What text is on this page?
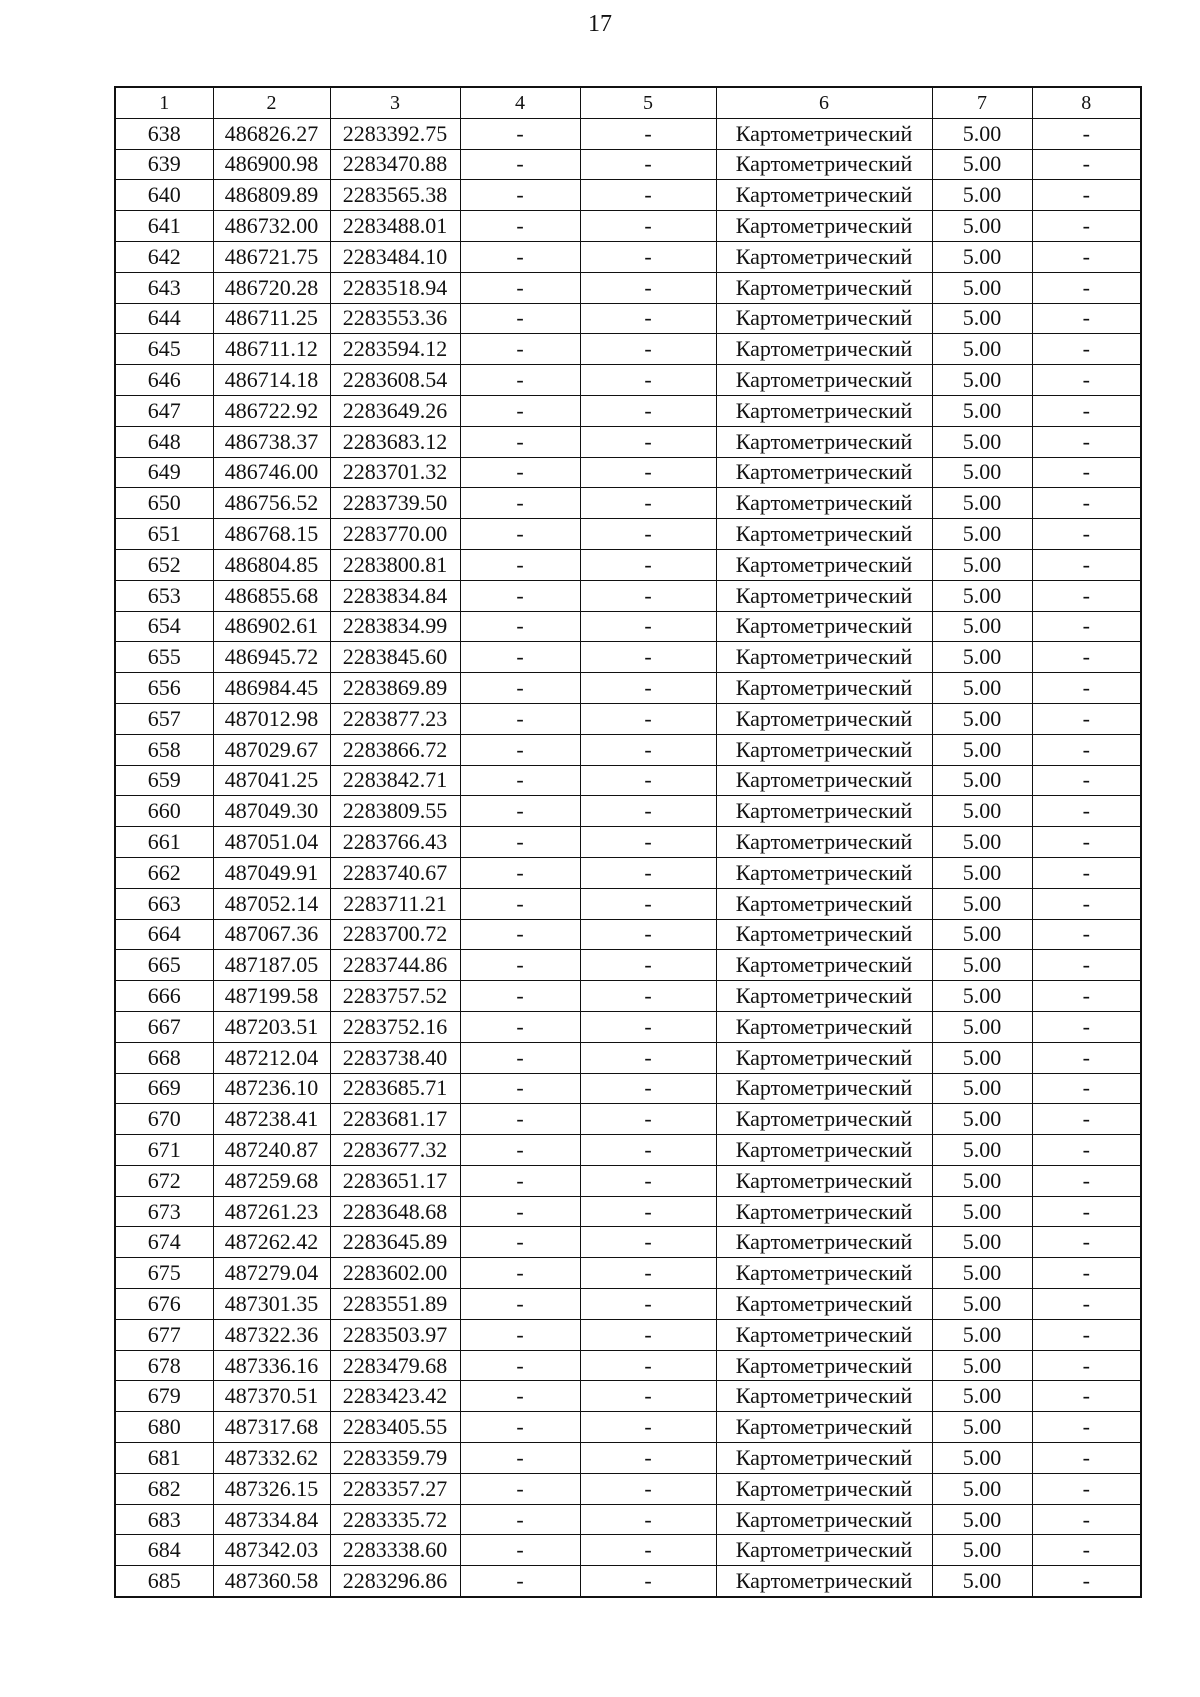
17
1	2	3	4	5	6	7	8
638	486826.27	2283392.75	-	-	Картометрический	5.00	-
639	486900.98	2283470.88	-	-	Картометрический	5.00	-
640	486809.89	2283565.38	-	-	Картометрический	5.00	-
641	486732.00	2283488.01	-	-	Картометрический	5.00	-
642	486721.75	2283484.10	-	-	Картометрический	5.00	-
643	486720.28	2283518.94	-	-	Картометрический	5.00	-
644	486711.25	2283553.36	-	-	Картометрический	5.00	-
645	486711.12	2283594.12	-	-	Картометрический	5.00	-
646	486714.18	2283608.54	-	-	Картометрический	5.00	-
647	486722.92	2283649.26	-	-	Картометрический	5.00	-
648	486738.37	2283683.12	-	-	Картометрический	5.00	-
649	486746.00	2283701.32	-	-	Картометрический	5.00	-
650	486756.52	2283739.50	-	-	Картометрический	5.00	-
651	486768.15	2283770.00	-	-	Картометрический	5.00	-
652	486804.85	2283800.81	-	-	Картометрический	5.00	-
653	486855.68	2283834.84	-	-	Картометрический	5.00	-
654	486902.61	2283834.99	-	-	Картометрический	5.00	-
655	486945.72	2283845.60	-	-	Картометрический	5.00	-
656	486984.45	2283869.89	-	-	Картометрический	5.00	-
657	487012.98	2283877.23	-	-	Картометрический	5.00	-
658	487029.67	2283866.72	-	-	Картометрический	5.00	-
659	487041.25	2283842.71	-	-	Картометрический	5.00	-
660	487049.30	2283809.55	-	-	Картометрический	5.00	-
661	487051.04	2283766.43	-	-	Картометрический	5.00	-
662	487049.91	2283740.67	-	-	Картометрический	5.00	-
663	487052.14	2283711.21	-	-	Картометрический	5.00	-
664	487067.36	2283700.72	-	-	Картометрический	5.00	-
665	487187.05	2283744.86	-	-	Картометрический	5.00	-
666	487199.58	2283757.52	-	-	Картометрический	5.00	-
667	487203.51	2283752.16	-	-	Картометрический	5.00	-
668	487212.04	2283738.40	-	-	Картометрический	5.00	-
669	487236.10	2283685.71	-	-	Картометрический	5.00	-
670	487238.41	2283681.17	-	-	Картометрический	5.00	-
671	487240.87	2283677.32	-	-	Картометрический	5.00	-
672	487259.68	2283651.17	-	-	Картометрический	5.00	-
673	487261.23	2283648.68	-	-	Картометрический	5.00	-
674	487262.42	2283645.89	-	-	Картометрический	5.00	-
675	487279.04	2283602.00	-	-	Картометрический	5.00	-
676	487301.35	2283551.89	-	-	Картометрический	5.00	-
677	487322.36	2283503.97	-	-	Картометрический	5.00	-
678	487336.16	2283479.68	-	-	Картометрический	5.00	-
679	487370.51	2283423.42	-	-	Картометрический	5.00	-
680	487317.68	2283405.55	-	-	Картометрический	5.00	-
681	487332.62	2283359.79	-	-	Картометрический	5.00	-
682	487326.15	2283357.27	-	-	Картометрический	5.00	-
683	487334.84	2283335.72	-	-	Картометрический	5.00	-
684	487342.03	2283338.60	-	-	Картометрический	5.00	-
685	487360.58	2283296.86	-	-	Картометрический	5.00	-
